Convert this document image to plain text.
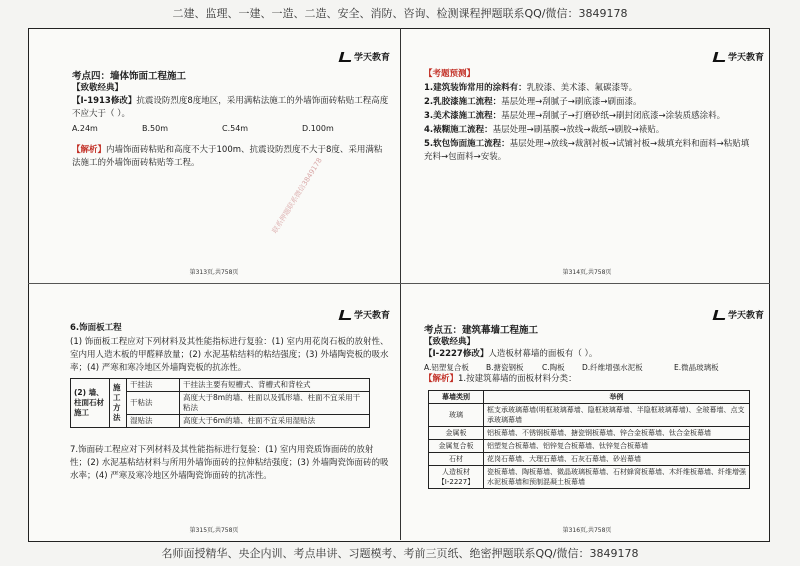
二建、监理、一建、一造、二造、安全、消防、咨询、检测课程押题联系QQ/微信：3849178
学天教育
考点四：墙体饰面工程施工
【致敬经典】
【Ⅰ-1913修改】抗震设防烈度8度地区，采用满粘法施工的外墙饰面砖粘贴工程高度不应大于（ ）。
A.24m	B.50m	C.54m	D.100m
【解析】内墙饰面砖粘贴和高度不大于100m、抗震设防烈度不大于8度、采用满粘法施工的外墙饰面砖粘贴等工程。
第313页,共758页
联系押题联系微信3849178
学天教育
【考题预测】
1.建筑装饰常用的涂料有：乳胶漆、美术漆、氟碳漆等。
2.乳胶漆施工流程：基层处理→刮腻子→刷底漆→刷面漆。
3.美术漆施工流程：基层处理→刮腻子→打磨砂纸→刷封闭底漆→涂装质感涂料。
4.裱糊施工流程：基层处理→刷基膜→放线→裁纸→刷胶→裱贴。
5.软包饰面施工流程：基层处理→放线→裁割衬板→试铺衬板→裁填充料和面料→粘贴填充料→包面料→安装。
第314页,共758页
学天教育
6.饰面板工程
(1) 饰面板工程应对下列材料及其性能指标进行复验：(1) 室内用花岗石板的放射性、室内用人造木板的甲醛释放量；(2) 水泥基粘结料的粘结强度；(3) 外墙陶瓷板的吸水率；(4) 严寒和寒冷地区外墙陶瓷板的抗冻性。
(2) 墙、柱面石材施工	施工方法	干挂法	干挂法主要有短槽式、背槽式和背栓式
		干粘法	高度大于8m的墙、柱面以及弧形墙、柱面不宜采用干粘法
		湿贴法	高度大于6m的墙、柱面不宜采用湿贴法
7.饰面砖工程应对下列材料及其性能指标进行复验：(1) 室内用瓷质饰面砖的放射性；(2) 水泥基粘结材料与所用外墙饰面砖的拉伸粘结强度；(3) 外墙陶瓷饰面砖的吸水率；(4) 严寒及寒冷地区外墙陶瓷饰面砖的抗冻性。
第315页,共758页
学天教育
考点五：建筑幕墙工程施工
【致敬经典】
【Ⅰ-2227修改】人造板材幕墙的面板有（ ）。
A.铝塑复合板	B.搪瓷钢板	C.陶板	D.纤维增强水泥板	E.微晶玻璃板
【解析】1.按建筑幕墙的面板材料分类：
幕墙类别	举例
玻璃	框支承玻璃幕墙(明框玻璃幕墙、隐框玻璃幕墙、半隐框玻璃幕墙)、全玻幕墙、点支承玻璃幕墙
金属板	铝板幕墙、不锈钢板幕墙、搪瓷钢板幕墙、锌合金板幕墙、钛合金板幕墙
金属复合板	铝塑复合板幕墙、铝锌复合板幕墙、钛锌复合板幕墙
石材	花岗石幕墙、大理石幕墙、石灰石幕墙、砂岩幕墙
人造板材
【Ⅰ-2227】	瓷板幕墙、陶板幕墙、微晶玻璃板幕墙、石材蜂窝板幕墙、木纤维板幕墙、纤维增强水泥板幕墙和预制混凝土板幕墙
第316页,共758页
名师面授精华、央企内训、考点串讲、习题模考、考前三页纸、绝密押题联系QQ/微信：3849178
